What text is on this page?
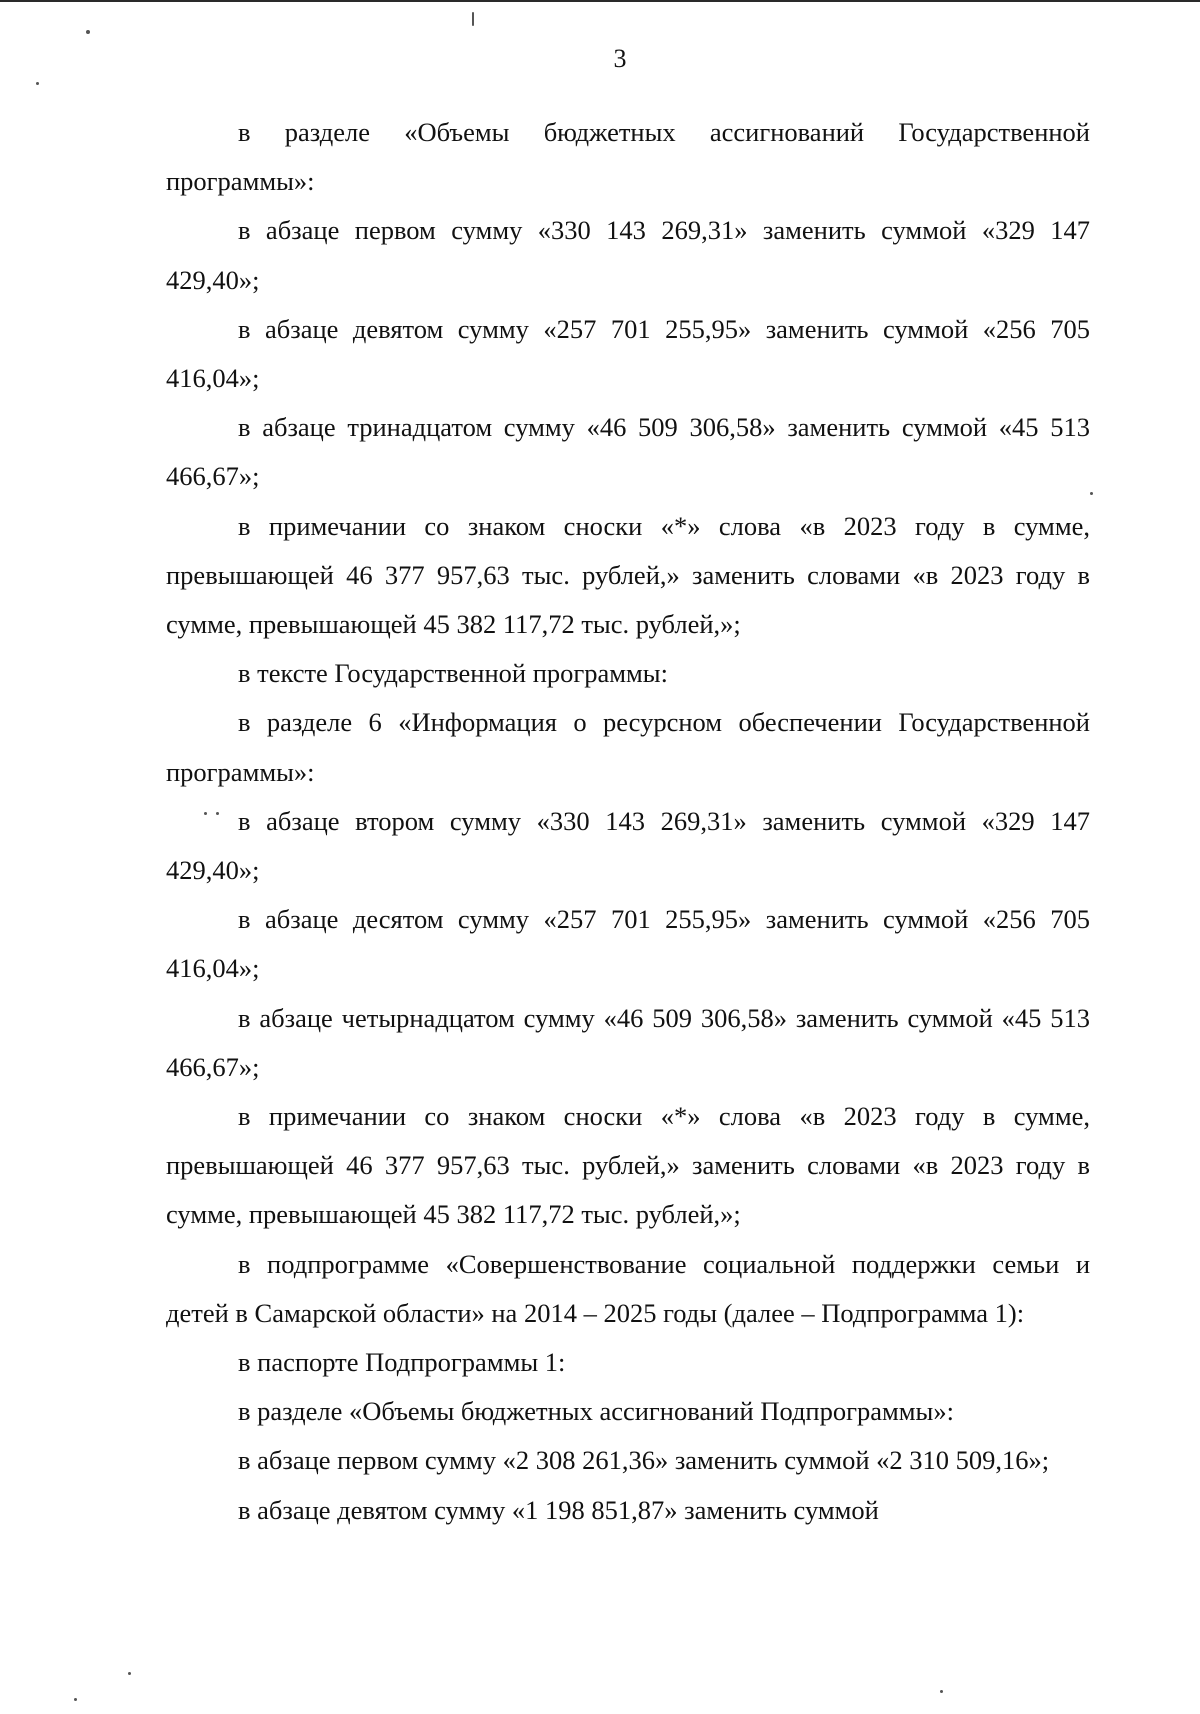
3

в разделе «Объемы бюджетных ассигнований Государственной программы»:

в абзаце первом сумму «330 143 269,31» заменить суммой «329 147 429,40»;

в абзаце девятом сумму «257 701 255,95» заменить суммой «256 705 416,04»;

в абзаце тринадцатом сумму «46 509 306,58» заменить суммой «45 513 466,67»;

в примечании со знаком сноски «*» слова «в 2023 году в сумме, превышающей 46 377 957,63 тыс. рублей,» заменить словами «в 2023 году в сумме, превышающей 45 382 117,72 тыс. рублей,»;

в тексте Государственной программы:

в разделе 6 «Информация о ресурсном обеспечении Государственной программы»:

в абзаце втором сумму «330 143 269,31» заменить суммой «329 147 429,40»;

в абзаце десятом сумму «257 701 255,95» заменить суммой «256 705 416,04»;

в абзаце четырнадцатом сумму «46 509 306,58» заменить суммой «45 513 466,67»;

в примечании со знаком сноски «*» слова «в 2023 году в сумме, превышающей 46 377 957,63 тыс. рублей,» заменить словами «в 2023 году в сумме, превышающей 45 382 117,72 тыс. рублей,»;

в подпрограмме «Совершенствование социальной поддержки семьи и детей в Самарской области» на 2014 – 2025 годы (далее – Подпрограмма 1):

в паспорте Подпрограммы 1:

в разделе «Объемы бюджетных ассигнований Подпрограммы»:

в абзаце первом сумму «2 308 261,36» заменить суммой «2 310 509,16»;

в абзаце девятом сумму «1 198 851,87» заменить суммой
